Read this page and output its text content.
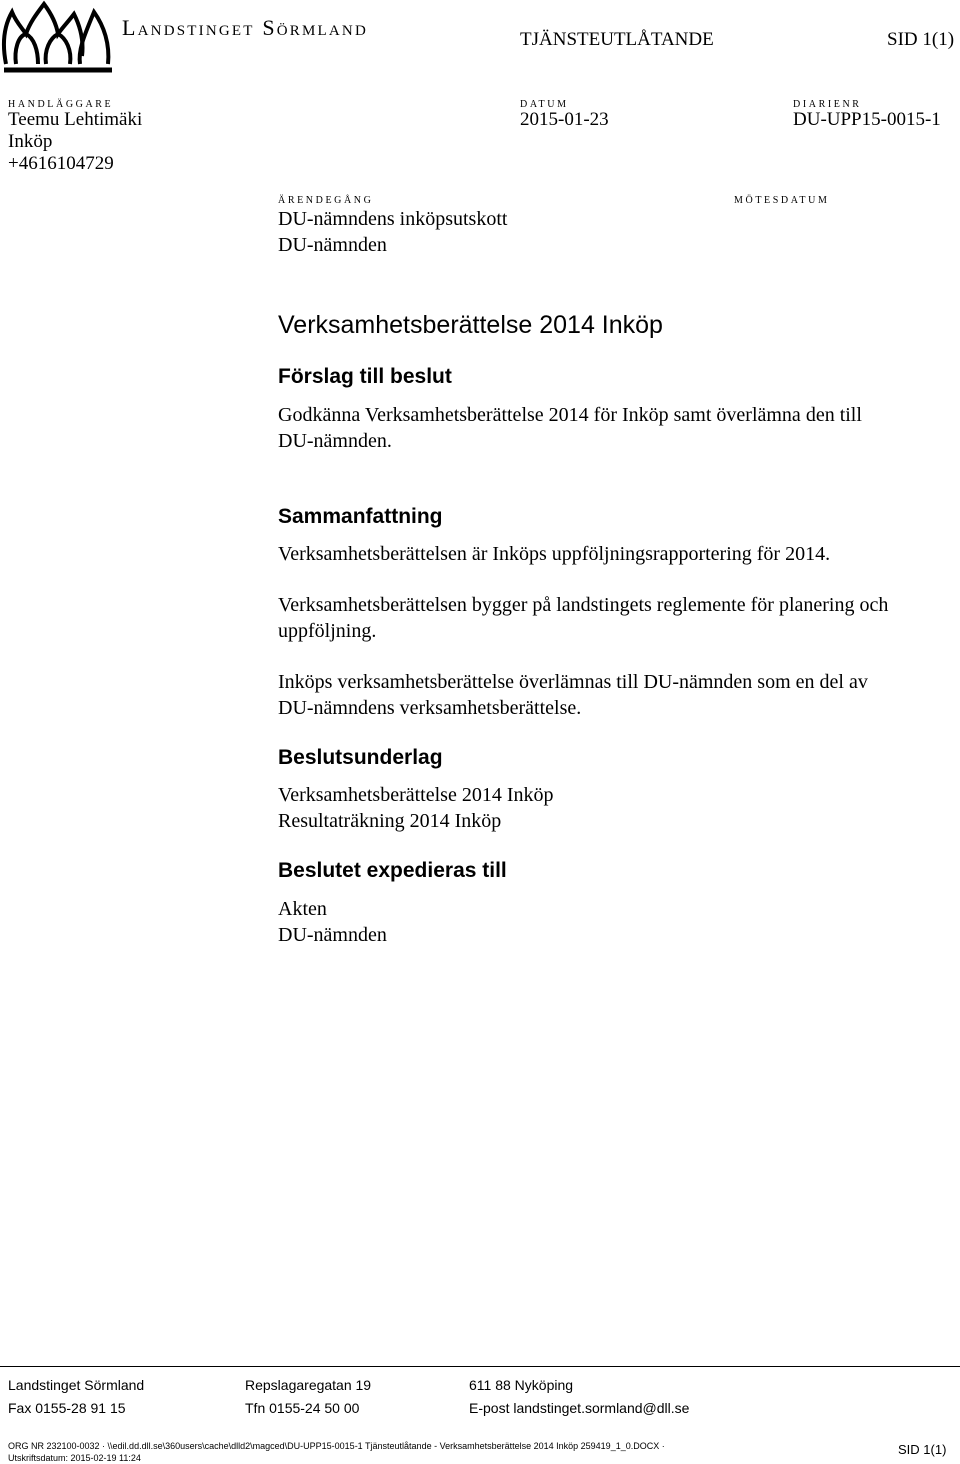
Landstinget Sörmland	TJÄNSTEUTLÅTANDE	SID 1(1)
HANDLÄGGARE
Teemu Lehtimäki
Inköp
+4616104729
DATUM
2015-01-23
DIARIENR
DU-UPP15-0015-1
ÄRENDEGÅNG
DU-nämndens inköpsutskott
DU-nämnden
MÖTESDATUM
Verksamhetsberättelse 2014 Inköp
Förslag till beslut
Godkänna Verksamhetsberättelse 2014 för Inköp samt överlämna den till
DU-nämnden.
Sammanfattning
Verksamhetsberättelsen är Inköps uppföljningsrapportering för 2014.
Verksamhetsberättelsen bygger på landstingets reglemente för planering och
uppföljning.
Inköps verksamhetsberättelse överlämnas till DU-nämnden som en del av
DU-nämndens verksamhetsberättelse.
Beslutsunderlag
Verksamhetsberättelse 2014 Inköp
Resultaträkning 2014 Inköp
Beslutet expedieras till
Akten
DU-nämnden
Landstinget Sörmland
Fax 0155-28 91 15
Repslagaregatan 19
Tfn 0155-24 50 00
611 88 Nyköping
E-post landstinget.sormland@dll.se
ORG NR 232100-0032 · \\edil.dd.dll.se\360users\cache\dlld2\magced\DU-UPP15-0015-1 Tjänsteutlåtande - Verksamhetsberättelse 2014 Inköp 259419_1_0.DOCX ·
Utskriftsdatum: 2015-02-19 11:24
SID 1(1)
